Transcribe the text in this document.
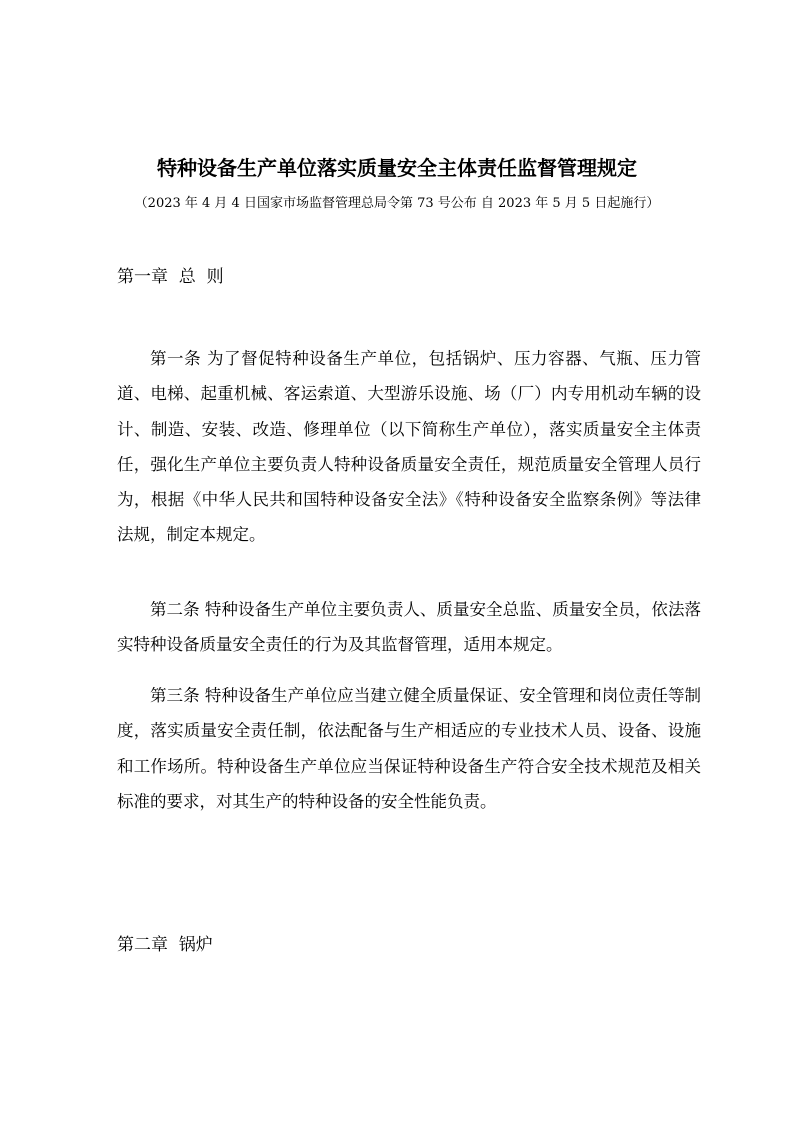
特种设备生产单位落实质量安全主体责任监督管理规定

（2023 年 4 月 4 日国家市场监督管理总局令第 73 号公布 自 2023 年 5 月 5 日起施行）

第一章  总  则

第一条 为了督促特种设备生产单位，包括锅炉、压力容器、气瓶、压力管道、电梯、起重机械、客运索道、大型游乐设施、场（厂）内专用机动车辆的设计、制造、安装、改造、修理单位（以下简称生产单位），落实质量安全主体责任，强化生产单位主要负责人特种设备质量安全责任，规范质量安全管理人员行为，根据《中华人民共和国特种设备安全法》《特种设备安全监察条例》等法律法规，制定本规定。

第二条 特种设备生产单位主要负责人、质量安全总监、质量安全员，依法落实特种设备质量安全责任的行为及其监督管理，适用本规定。

第三条 特种设备生产单位应当建立健全质量保证、安全管理和岗位责任等制度，落实质量安全责任制，依法配备与生产相适应的专业技术人员、设备、设施和工作场所。特种设备生产单位应当保证特种设备生产符合安全技术规范及相关标准的要求，对其生产的特种设备的安全性能负责。

第二章  锅炉
